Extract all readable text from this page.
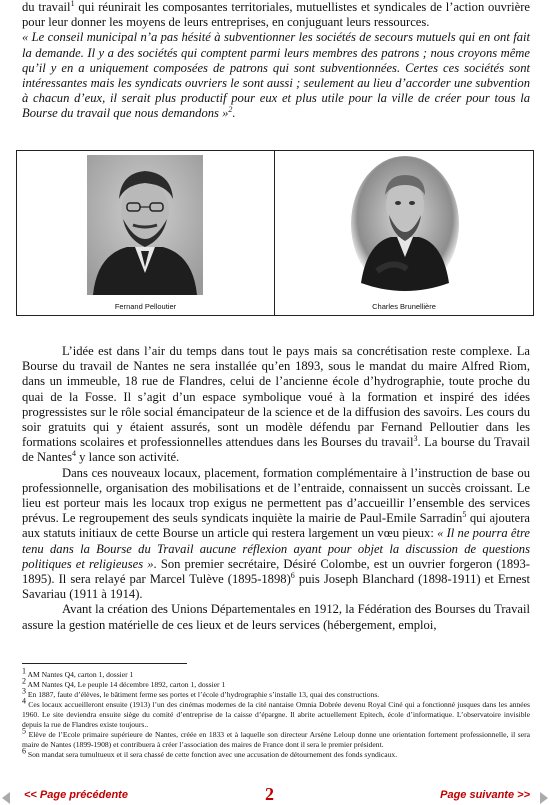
du travail$^1$ qui réunirait les composantes territoriales, mutuellistes et syndicales de l’action ouvrière pour leur donner les moyens de leurs entreprises, en conjuguant leurs ressources.

« Le conseil municipal n’a pas hésité à subventionner les sociétés de secours mutuels qui en ont fait la demande. Il y a des sociétés qui comptent parmi leurs membres des patrons ; nous croyons même qu’il y en a uniquement composées de patrons qui sont subventionnées. Certes ces sociétés sont intéressantes mais les syndicats ouvriers le sont aussi ; seulement au lieu d’accorder une subvention à chacun d’eux, il serait plus productif pour eux et plus utile pour la ville de créer pour tous la Bourse du travail que nous demandons »$^2$.

Fernand Pelloutier	Charles Brunellière

L’idée est dans l’air du temps dans tout le pays mais sa concrétisation reste complexe. La Bourse du travail de Nantes ne sera installée qu’en 1893, sous le mandat du maire Alfred Riom, dans un immeuble, 18 rue de Flandres, celui de l’ancienne école d’hydrographie, toute proche du quai de la Fosse. Il s’agit d’un espace symbolique voué à la formation et inspiré des idées progressistes sur le rôle social émancipateur de la science et de la diffusion des savoirs. Les cours du soir gratuits qui y étaient assurés, sont un modèle défendu par Fernand Pelloutier dans les formations scolaires et professionnelles attendues dans les Bourses du travail$^3$. La bourse du Travail de Nantes$^4$ y lance son activité.

Dans ces nouveaux locaux, placement, formation complémentaire à l’instruction de base ou professionnelle, organisation des mobilisations et de l’entraide, connaissent un succès croissant. Le lieu est porteur mais les locaux trop exigus ne permettent pas d’accueillir l’ensemble des services prévus. Le regroupement des seuls syndicats inquiète la mairie de Paul-Emile Sarradin$^5$ qui ajoutera aux statuts initiaux de cette Bourse un article qui restera largement un vœu pieux: « Il ne pourra être tenu dans la Bourse du Travail aucune réflexion ayant pour objet la discussion de questions politiques et religieuses ». Son premier secrétaire, Désiré Colombe, est un ouvrier forgeron (1893-1895). Il sera relayé par Marcel Tulève (1895-1898)$^6$ puis Joseph Blanchard (1898-1911) et Ernest Savariau (1911 à 1914).

Avant la création des Unions Départementales en 1912, la Fédération des Bourses du Travail assure la gestion matérielle de ces lieux et de leurs services (hébergement, emploi,

$^1$ AM Nantes Q4, carton 1, dossier 1

$^2$ AM Nantes Q4, Le peuple 14 décembre 1892, carton 1, dossier 1

$^3$ En 1887, faute d’élèves, le bâtiment ferme ses portes et l’école d’hydrographie s’installe 13, quai des constructions.

$^4$ Ces locaux accueilleront ensuite (1913) l’un des cinémas modernes de la cité nantaise Omnia Dobrée devenu Royal Ciné qui a fonctionné jusques dans les années 1960. Le site deviendra ensuite siège du comité d’entreprise de la caisse d’épargne. Il abrite actuellement Epitech, école d’informatique. L’observatoire invisible depuis la rue de Flandres existe toujours..

$^5$ Elève de l’Ecole primaire supérieure de Nantes, créée en 1833 et à laquelle son directeur Arsène Leloup donne une orientation fortement professionnelle, il sera maire de Nantes (1899-1908) et contribuera à créer l’association des maires de France dont il sera le premier président.

$^6$ Son mandat sera tumultueux et il sera chassé de cette fonction avec une accusation de détournement des fonds syndicaux.

<< Page précédente	2	Page suivante >>
